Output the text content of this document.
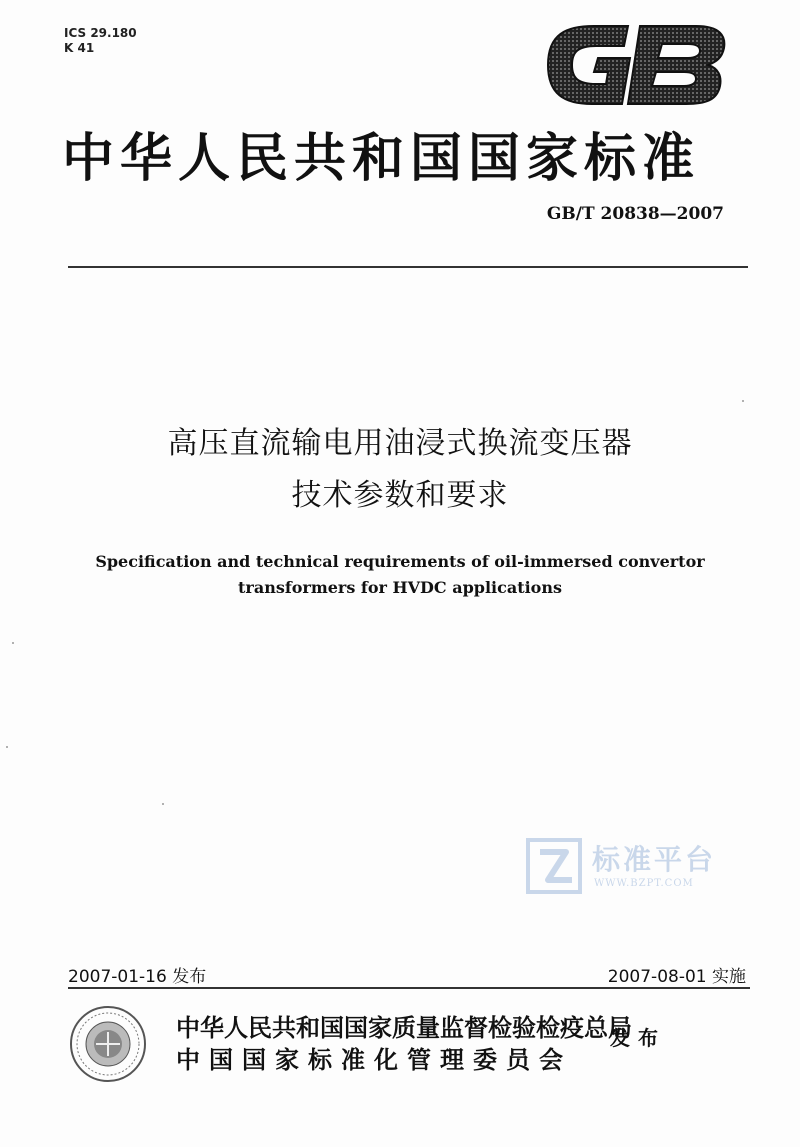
ICS 29.180
K 41
中华人民共和国国家标准
GB/T 20838—2007
高压直流输电用油浸式换流变压器
技术参数和要求
Specification and technical requirements of oil-immersed convertor
transformers for HVDC applications
标准平台
WWW.BZPT.COM
2007-01-16 发布	2007-08-01 实施
中华人民共和国国家质量监督检验检疫总局
中国国家标准化管理委员会
发布
